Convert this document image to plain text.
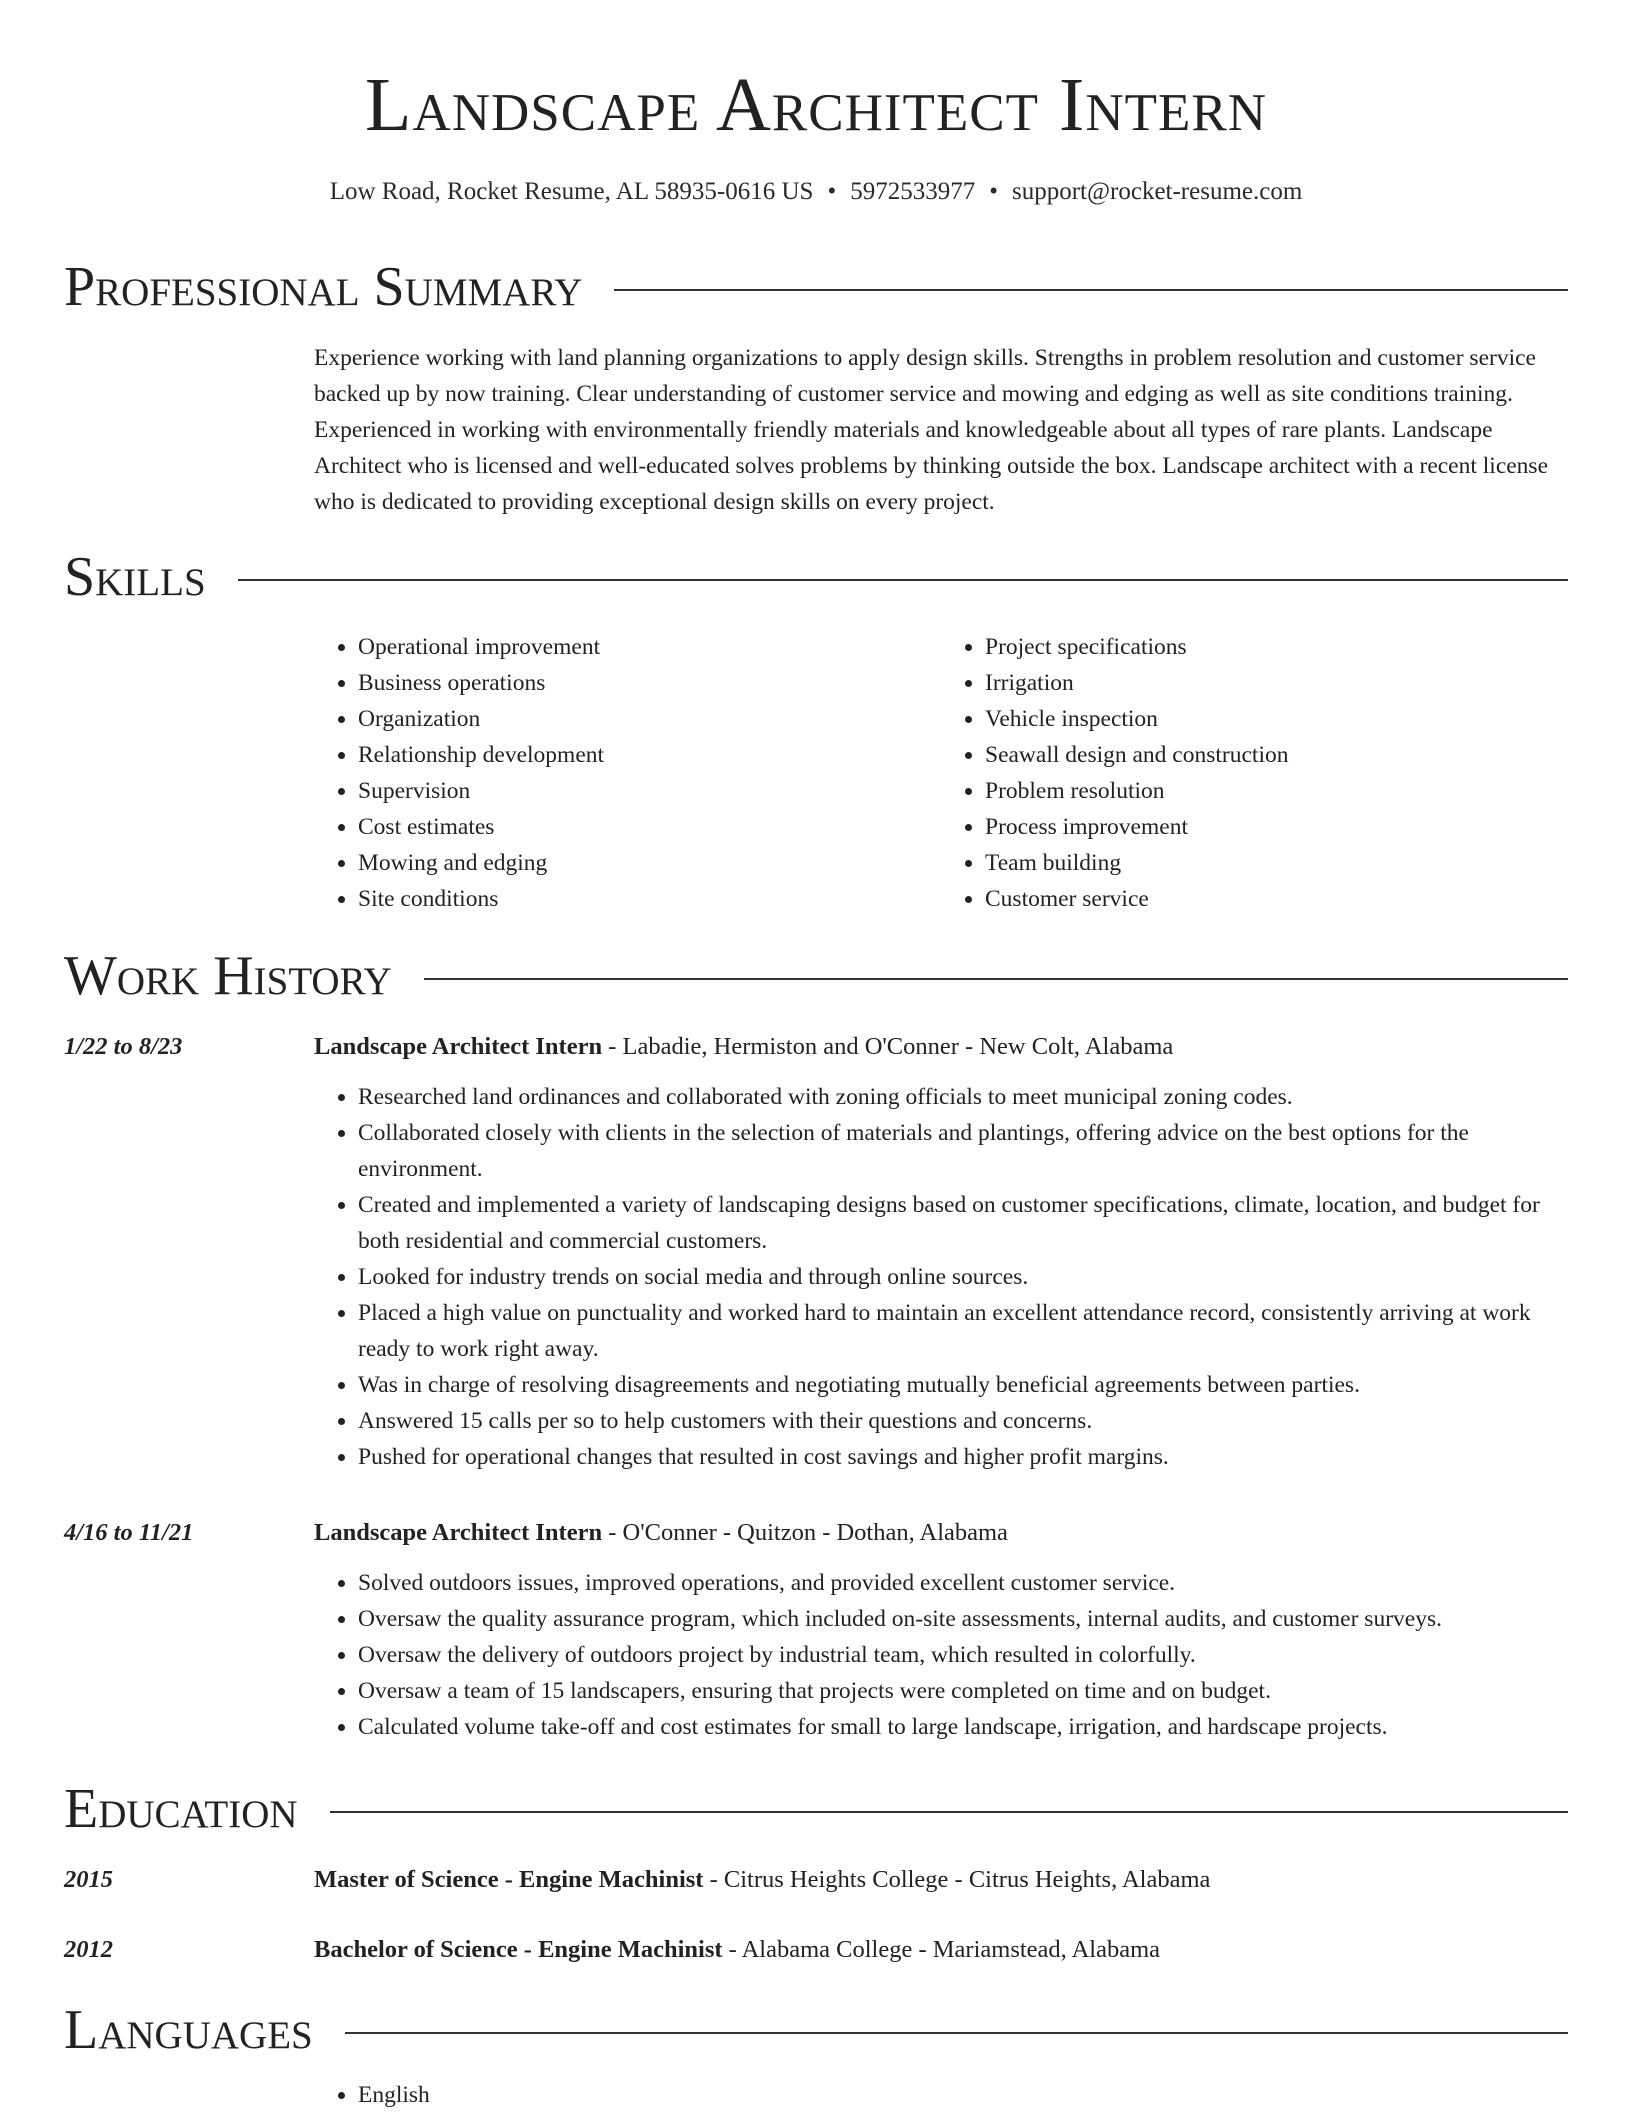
Landscape Architect Intern
Low Road, Rocket Resume, AL 58935-0616 US • 5972533977 • support@rocket-resume.com
Professional Summary

Experience working with land planning organizations to apply design skills. Strengths in problem resolution and customer service backed up by now training. Clear understanding of customer service and mowing and edging as well as site conditions training. Experienced in working with environmentally friendly materials and knowledgeable about all types of rare plants. Landscape Architect who is licensed and well-educated solves problems by thinking outside the box. Landscape architect with a recent license who is dedicated to providing exceptional design skills on every project.

Skills
• Operational improvement
• Business operations
• Organization
• Relationship development
• Supervision
• Cost estimates
• Mowing and edging
• Site conditions
• Project specifications
• Irrigation
• Vehicle inspection
• Seawall design and construction
• Problem resolution
• Process improvement
• Team building
• Customer service
Work History
1/22 to 8/23	Landscape Architect Intern - Labadie, Hermiston and O'Conner - New Colt, Alabama
• Researched land ordinances and collaborated with zoning officials to meet municipal zoning codes.
• Collaborated closely with clients in the selection of materials and plantings, offering advice on the best options for the environment.
• Created and implemented a variety of landscaping designs based on customer specifications, climate, location, and budget for both residential and commercial customers.
• Looked for industry trends on social media and through online sources.
• Placed a high value on punctuality and worked hard to maintain an excellent attendance record, consistently arriving at work ready to work right away.
• Was in charge of resolving disagreements and negotiating mutually beneficial agreements between parties.
• Answered 15 calls per so to help customers with their questions and concerns.
• Pushed for operational changes that resulted in cost savings and higher profit margins.
4/16 to 11/21	Landscape Architect Intern - O'Conner - Quitzon - Dothan, Alabama
• Solved outdoors issues, improved operations, and provided excellent customer service.
• Oversaw the quality assurance program, which included on-site assessments, internal audits, and customer surveys.
• Oversaw the delivery of outdoors project by industrial team, which resulted in colorfully.
• Oversaw a team of 15 landscapers, ensuring that projects were completed on time and on budget.
• Calculated volume take-off and cost estimates for small to large landscape, irrigation, and hardscape projects.
Education
2015	Master of Science - Engine Machinist - Citrus Heights College - Citrus Heights, Alabama
2012	Bachelor of Science - Engine Machinist - Alabama College - Mariamstead, Alabama
Languages
• English
